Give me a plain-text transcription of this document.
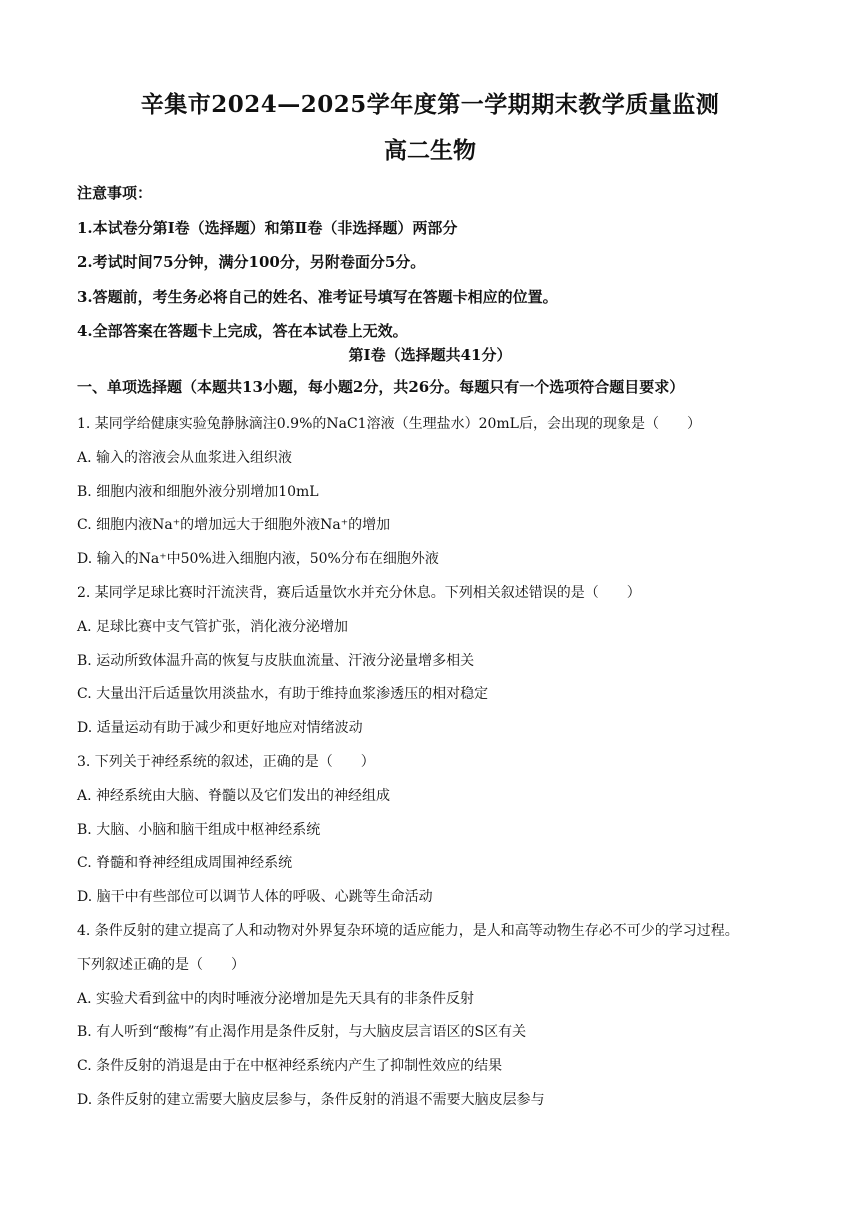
辛集市2024—2025学年度第一学期期末教学质量监测
高二生物
注意事项：
1.本试卷分第Ⅰ卷（选择题）和第Ⅱ卷（非选择题）两部分
2.考试时间75分钟，满分100分，另附卷面分5分。
3.答题前，考生务必将自己的姓名、准考证号填写在答题卡相应的位置。
4.全部答案在答题卡上完成，答在本试卷上无效。
第Ⅰ卷（选择题共41分）
一、单项选择题（本题共13小题，每小题2分，共26分。每题只有一个选项符合题目要求）
1. 某同学给健康实验兔静脉滴注0.9%的NaC1溶液（生理盐水）20mL后，会出现的现象是（　　）
A. 输入的溶液会从血浆进入组织液
B. 细胞内液和细胞外液分别增加10mL
C. 细胞内液Na⁺的增加远大于细胞外液Na⁺的增加
D. 输入的Na⁺中50%进入细胞内液，50%分布在细胞外液
2. 某同学足球比赛时汗流浃背，赛后适量饮水并充分休息。下列相关叙述错误的是（　　）
A. 足球比赛中支气管扩张，消化液分泌增加
B. 运动所致体温升高的恢复与皮肤血流量、汗液分泌量增多相关
C. 大量出汗后适量饮用淡盐水，有助于维持血浆渗透压的相对稳定
D. 适量运动有助于减少和更好地应对情绪波动
3. 下列关于神经系统的叙述，正确的是（　　）
A. 神经系统由大脑、脊髓以及它们发出的神经组成
B. 大脑、小脑和脑干组成中枢神经系统
C. 脊髓和脊神经组成周围神经系统
D. 脑干中有些部位可以调节人体的呼吸、心跳等生命活动
4. 条件反射的建立提高了人和动物对外界复杂环境的适应能力，是人和高等动物生存必不可少的学习过程。
下列叙述正确的是（　　）
A. 实验犬看到盆中的肉时唾液分泌增加是先天具有的非条件反射
B. 有人听到“酸梅”有止渴作用是条件反射，与大脑皮层言语区的S区有关
C. 条件反射的消退是由于在中枢神经系统内产生了抑制性效应的结果
D. 条件反射的建立需要大脑皮层参与，条件反射的消退不需要大脑皮层参与
